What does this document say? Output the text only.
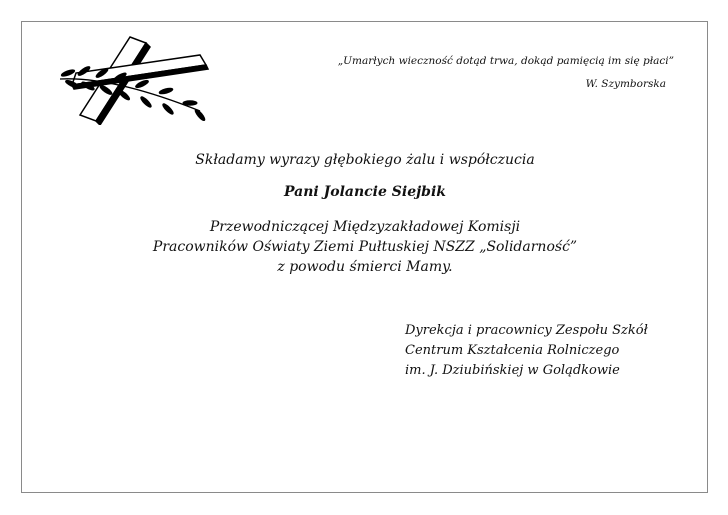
„Umarłych wieczność dotąd trwa, dokąd pamięcią im się płaci”
W. Szymborska
Składamy wyrazy głębokiego żalu i współczucia
Pani Jolancie Siejbik
Przewodniczącej Międzyzakładowej Komisji
Pracowników Oświaty Ziemi Pułtuskiej NSZZ „Solidarność”
z powodu śmierci Mamy.
Dyrekcja i pracownicy Zespołu Szkół
Centrum Kształcenia Rolniczego
im. J. Dziubińskiej w Golądkowie
